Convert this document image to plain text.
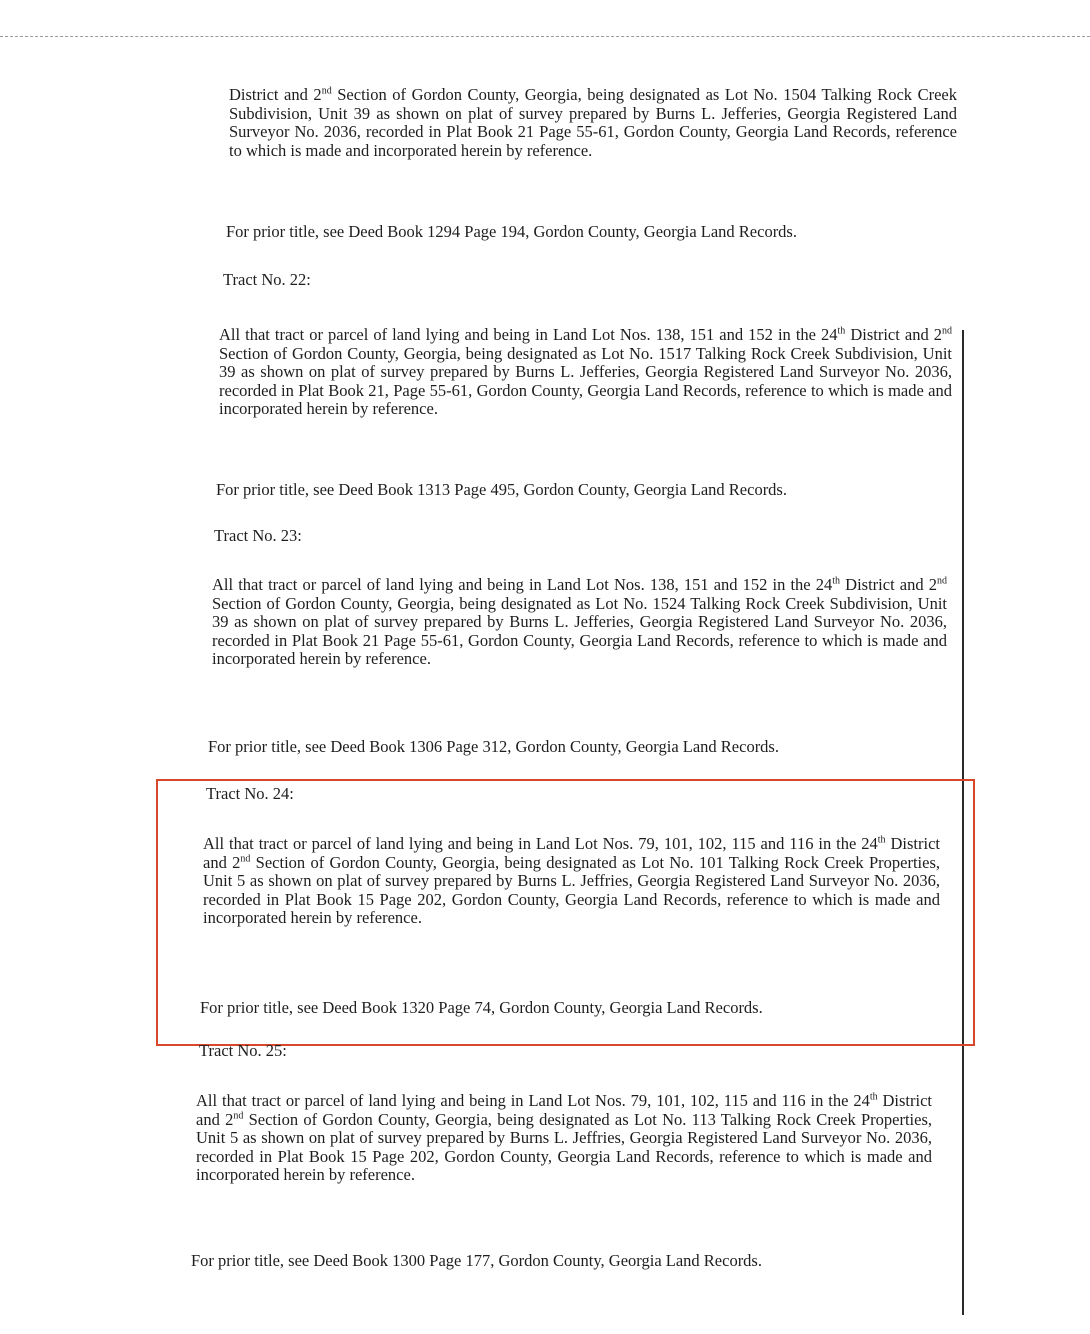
District and 2nd Section of Gordon County, Georgia, being designated as Lot No. 1504 Talking Rock Creek Subdivision, Unit 39 as shown on plat of survey prepared by Burns L. Jefferies, Georgia Registered Land Surveyor No. 2036, recorded in Plat Book 21 Page 55-61, Gordon County, Georgia Land Records, reference to which is made and incorporated herein by reference.
For prior title, see Deed Book 1294 Page 194, Gordon County, Georgia Land Records.
Tract No. 22:
All that tract or parcel of land lying and being in Land Lot Nos. 138, 151 and 152 in the 24th District and 2nd Section of Gordon County, Georgia, being designated as Lot No. 1517 Talking Rock Creek Subdivision, Unit 39 as shown on plat of survey prepared by Burns L. Jefferies, Georgia Registered Land Surveyor No. 2036, recorded in Plat Book 21, Page 55-61, Gordon County, Georgia Land Records, reference to which is made and incorporated herein by reference.
For prior title, see Deed Book 1313 Page 495, Gordon County, Georgia Land Records.
Tract No. 23:
All that tract or parcel of land lying and being in Land Lot Nos. 138, 151 and 152 in the 24th District and 2nd Section of Gordon County, Georgia, being designated as Lot No. 1524 Talking Rock Creek Subdivision, Unit 39 as shown on plat of survey prepared by Burns L. Jefferies, Georgia Registered Land Surveyor No. 2036, recorded in Plat Book 21 Page 55-61, Gordon County, Georgia Land Records, reference to which is made and incorporated herein by reference.
For prior title, see Deed Book 1306 Page 312, Gordon County, Georgia Land Records.
Tract No. 24:
All that tract or parcel of land lying and being in Land Lot Nos. 79, 101, 102, 115 and 116 in the 24th District and 2nd Section of Gordon County, Georgia, being designated as Lot No. 101 Talking Rock Creek Properties, Unit 5 as shown on plat of survey prepared by Burns L. Jeffries, Georgia Registered Land Surveyor No. 2036, recorded in Plat Book 15 Page 202, Gordon County, Georgia Land Records, reference to which is made and incorporated herein by reference.
For prior title, see Deed Book 1320 Page 74, Gordon County, Georgia Land Records.
Tract No. 25:
All that tract or parcel of land lying and being in Land Lot Nos. 79, 101, 102, 115 and 116 in the 24th District and 2nd Section of Gordon County, Georgia, being designated as Lot No. 113 Talking Rock Creek Properties, Unit 5 as shown on plat of survey prepared by Burns L. Jeffries, Georgia Registered Land Surveyor No. 2036, recorded in Plat Book 15 Page 202, Gordon County, Georgia Land Records, reference to which is made and incorporated herein by reference.
For prior title, see Deed Book 1300 Page 177, Gordon County, Georgia Land Records.
